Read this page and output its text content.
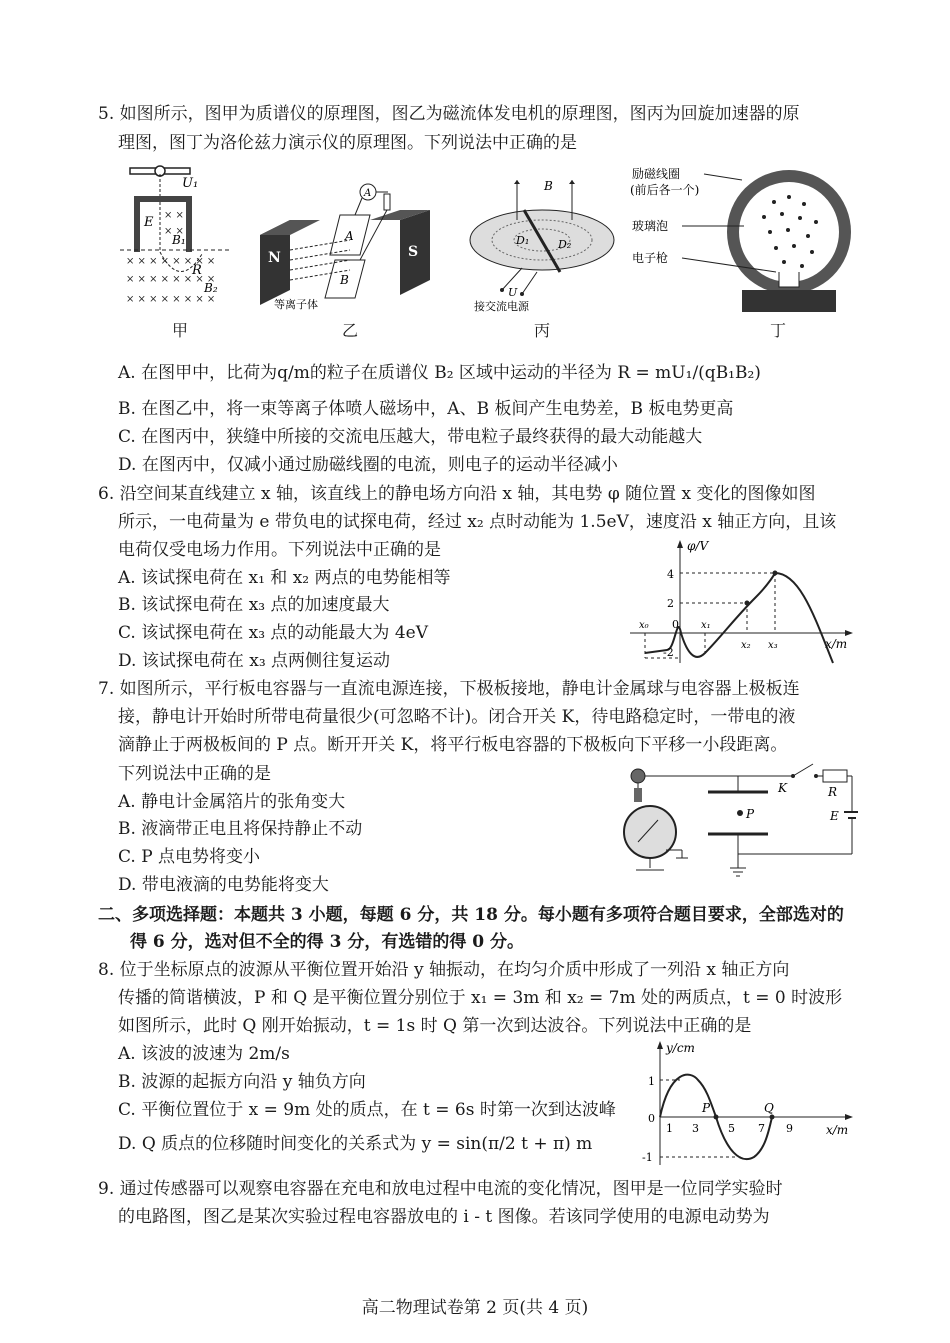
5. 如图所示，图甲为质谱仪的原理图，图乙为磁流体发电机的原理图，图丙为回旋加速器的原
理图，图丁为洛伦兹力演示仪的原理图。下列说法中正确的是
× × × × × × × ×
× × × × × × × ×
× × × × × × × ×
× ×
× ×
U₁
E
B₁
R
B₂
N	S
A
B
A
等离子体
B
D₁	D₂
U
接交流电源
励磁线圈
(前后各一个)
玻璃泡
电子枪
甲	乙	丙	丁
A. 在图甲中，比荷为q/m的粒子在质谱仪 B₂ 区域中运动的半径为 R = mU₁/(qB₁B₂)
B. 在图乙中，将一束等离子体喷人磁场中，A、B 板间产生电势差，B 板电势更高
C. 在图丙中，狭缝中所接的交流电压越大，带电粒子最终获得的最大动能越大
D. 在图丙中，仅减小通过励磁线圈的电流，则电子的运动半径减小
6. 沿空间某直线建立 x 轴，该直线上的静电场方向沿 x 轴，其电势 φ 随位置 x 变化的图像如图
所示，一电荷量为 e 带负电的试探电荷，经过 x₂ 点时动能为 1.5eV，速度沿 x 轴正方向，且该
电荷仅受电场力作用。下列说法中正确的是
A. 该试探电荷在 x₁ 和 x₂ 两点的电势能相等
B. 该试探电荷在 x₃ 点的加速度最大
C. 该试探电荷在 x₃ 点的动能最大为 4eV
D. 该试探电荷在 x₃ 点两侧往复运动
φ/V
x/m
4
2
-2
x₀ 0 x₁
x₂ x₃
7. 如图所示，平行板电容器与一直流电源连接，下极板接地，静电计金属球与电容器上极板连
接，静电计开始时所带电荷量很少(可忽略不计)。闭合开关 K，待电路稳定时，一带电的液
滴静止于两极板间的 P 点。断开开关 K，将平行板电容器的下极板向下平移一小段距离。
下列说法中正确的是
A. 静电计金属箔片的张角变大
B. 液滴带正电且将保持静止不动
C. P 点电势将变小
D. 带电液滴的电势能将变大
K	R
E
P
二、多项选择题：本题共 3 小题，每题 6 分，共 18 分。每小题有多项符合题目要求，全部选对的
得 6 分，选对但不全的得 3 分，有选错的得 0 分。
8. 位于坐标原点的波源从平衡位置开始沿 y 轴振动，在均匀介质中形成了一列沿 x 轴正方向
传播的简谐横波，P 和 Q 是平衡位置分别位于 x₁ = 3m 和 x₂ = 7m 处的两质点，t = 0 时波形
如图所示，此时 Q 刚开始振动，t = 1s 时 Q 第一次到达波谷。下列说法中正确的是
A. 该波的波速为 2m/s
B. 波源的起振方向沿 y 轴负方向
C. 平衡位置位于 x = 9m 处的质点，在 t = 6s 时第一次到达波峰
D. Q 质点的位移随时间变化的关系式为 y = sin(π/2 t + π) m
y/cm
x/m
1
0
-1
1 3	5 7 9
P	Q
9. 通过传感器可以观察电容器在充电和放电过程中电流的变化情况，图甲是一位同学实验时
的电路图，图乙是某次实验过程电容器放电的 i - t 图像。若该同学使用的电源电动势为
高二物理试卷第 2 页(共 4 页)
